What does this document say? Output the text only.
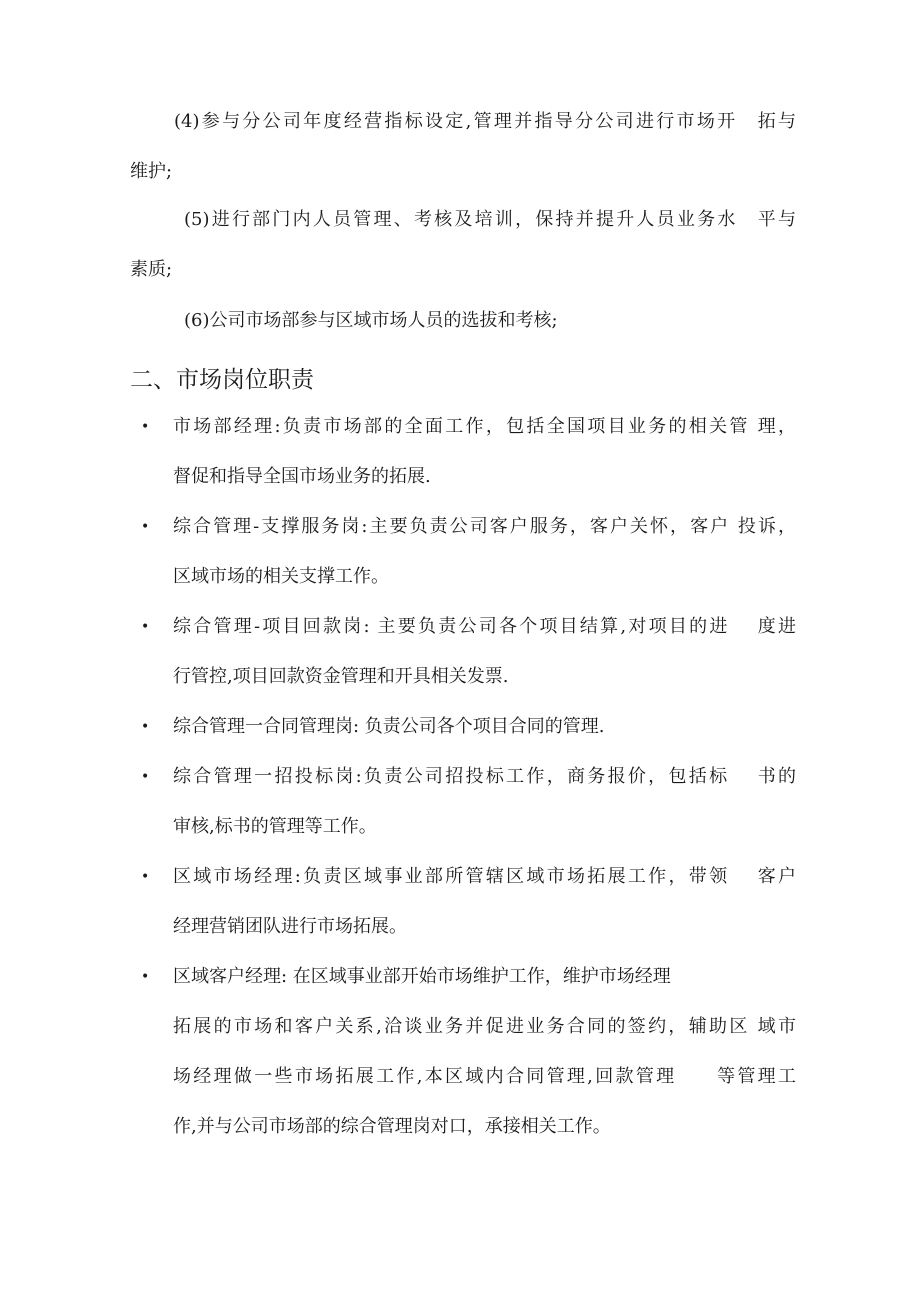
(4)参与分公司年度经营指标设定,管理并指导分公司进行市场开　拓与
维护;

(5)进行部门内人员管理、考核及培训，保持并提升人员业务水　平与
素质;

(6)公司市场部参与区域市场人员的选拔和考核;

二、市场岗位职责
• 市场部经理:负责市场部的全面工作，包括全国项目业务的相关管 理，
督促和指导全国市场业务的拓展.
• 综合管理-支撑服务岗:主要负责公司客户服务，客户关怀，客户 投诉，
区域市场的相关支撑工作。
• 综合管理-项目回款岗: 主要负责公司各个项目结算,对项目的进　 度进
行管控,项目回款资金管理和开具相关发票.
• 综合管理一合同管理岗: 负责公司各个项目合同的管理.
• 综合管理一招投标岗:负责公司招投标工作，商务报价，包括标　 书的
审核,标书的管理等工作。
• 区域市场经理:负责区域事业部所管辖区域市场拓展工作，带领　 客户
经理营销团队进行市场拓展。
• 区域客户经理: 在区域事业部开始市场维护工作，维护市场经理
拓展的市场和客户关系,洽谈业务并促进业务合同的签约，辅助区 域市
场经理做一些市场拓展工作,本区域内合同管理,回款管理　　等管理工
作,并与公司市场部的综合管理岗对口，承接相关工作。
